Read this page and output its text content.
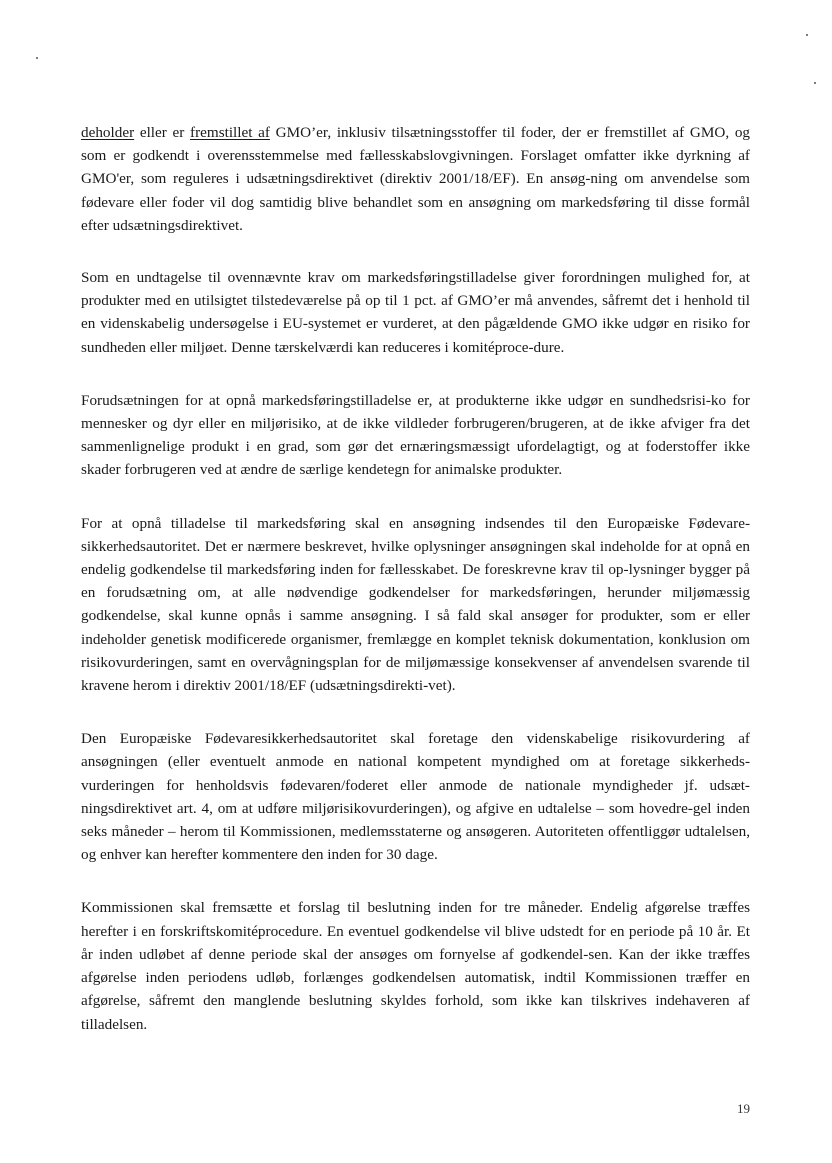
deholder eller er fremstillet af GMO’er, inklusiv tilsætningsstoffer til foder, der er fremstillet af GMO, og som er godkendt i overensstemmelse med fællesskabslovgivningen. Forslaget omfatter ikke dyrkning af GMO'er, som reguleres i udsætningsdirektivet (direktiv 2001/18/EF). En ansøg-ning om anvendelse som fødevare eller foder vil dog samtidig blive behandlet som en ansøgning om markedsføring til disse formål efter udsætningsdirektivet.

Som en undtagelse til ovennævnte krav om markedsføringstilladelse giver forordningen mulighed for, at produkter med en utilsigtet tilstedeværelse på op til 1 pct. af GMO’er må anvendes, såfremt det i henhold til en videnskabelig undersøgelse i EU-systemet er vurderet, at den pågældende GMO ikke udgør en risiko for sundheden eller miljøet. Denne tærskelværdi kan reduceres i komitéproce-dure.

Forudsætningen for at opnå markedsføringstilladelse er, at produkterne ikke udgør en sundhedsrisi-ko for mennesker og dyr eller en miljørisiko, at de ikke vildleder forbrugeren/brugeren, at de ikke afviger fra det sammenlignelige produkt i en grad, som gør det ernæringsmæssigt ufordelagtigt, og at foderstoffer ikke skader forbrugeren ved at ændre de særlige kendetegn for animalske produkter.

For at opnå tilladelse til markedsføring skal en ansøgning indsendes til den Europæiske Fødevare-sikkerhedsautoritet. Det er nærmere beskrevet, hvilke oplysninger ansøgningen skal indeholde for at opnå en endelig godkendelse til markedsføring inden for fællesskabet. De foreskrevne krav til op-lysninger bygger på en forudsætning om, at alle nødvendige godkendelser for markedsføringen, herunder miljømæssig godkendelse, skal kunne opnås i samme ansøgning. I så fald skal ansøger for produkter, som er eller indeholder genetisk modificerede organismer, fremlægge en komplet teknisk dokumentation, konklusion om risikovurderingen, samt en overvågningsplan for de miljømæssige konsekvenser af anvendelsen svarende til kravene herom i direktiv 2001/18/EF (udsætningsdirekti-vet).

Den Europæiske Fødevaresikkerhedsautoritet skal foretage den videnskabelige risikovurdering af ansøgningen (eller eventuelt anmode en national kompetent myndighed om at foretage sikkerheds-vurderingen for henholdsvis fødevaren/foderet eller anmode de nationale myndigheder jf. udsæt-ningsdirektivet art. 4, om at udføre miljørisikovurderingen), og afgive en udtalelse – som hovedre-gel inden seks måneder – herom til Kommissionen, medlemsstaterne og ansøgeren. Autoriteten offentliggør udtalelsen, og enhver kan herefter kommentere den inden for 30 dage.

Kommissionen skal fremsætte et forslag til beslutning inden for tre måneder. Endelig afgørelse træffes herefter i en forskriftskomitéprocedure. En eventuel godkendelse vil blive udstedt for en periode på 10 år. Et år inden udløbet af denne periode skal der ansøges om fornyelse af godkendel-sen. Kan der ikke træffes afgørelse inden periodens udløb, forlænges godkendelsen automatisk, indtil Kommissionen træffer en afgørelse, såfremt den manglende beslutning skyldes forhold, som ikke kan tilskrives indehaveren af tilladelsen.

19
